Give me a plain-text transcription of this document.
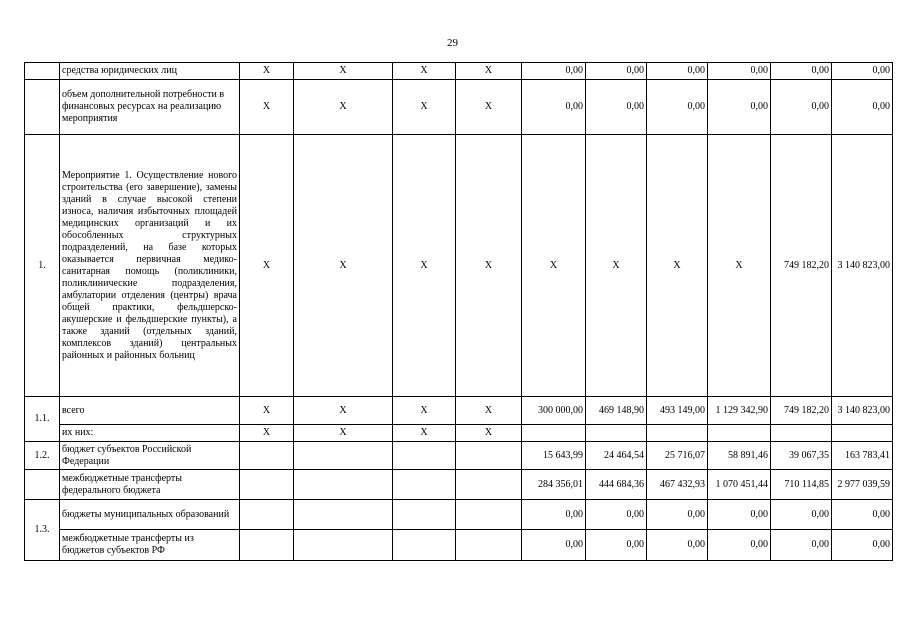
29
	средства юридических лиц	Х	Х	Х	Х	0,00	0,00	0,00	0,00	0,00	0,00
	объем дополнительной потребности в финансовых ресурсах на реализацию мероприятия	Х	Х	Х	Х	0,00	0,00	0,00	0,00	0,00	0,00
1.	Мероприятие 1. Осуществление нового строительства (его завершение), замены зданий в случае высокой степени износа, наличия избыточных площадей медицинских организаций и их обособленных структурных подразделений, на базе которых оказывается первичная медико-санитарная помощь (поликлиники, поликлинические подразделения, амбулатории отделения (центры) врача общей практики, фельдшерско-акушерские и фельдшерские пункты), а также зданий (отдельных зданий, комплексов зданий) центральных районных и районных больниц	Х	Х	Х	Х	Х	Х	Х	Х	749 182,20	3 140 823,00
1.1.	всего	Х	Х	Х	Х	300 000,00	469 148,90	493 149,00	1 129 342,90	749 182,20	3 140 823,00
	их них:	Х	Х	Х	Х						
1.2.	бюджет субъектов Российской Федерации					15 643,99	24 464,54	25 716,07	58 891,46	39 067,35	163 783,41
	межбюджетные трансферты федерального бюджета					284 356,01	444 684,36	467 432,93	1 070 451,44	710 114,85	2 977 039,59
1.3.	бюджеты муниципальных образований					0,00	0,00	0,00	0,00	0,00	0,00
	межбюджетные трансферты из бюджетов субъектов РФ					0,00	0,00	0,00	0,00	0,00	0,00
